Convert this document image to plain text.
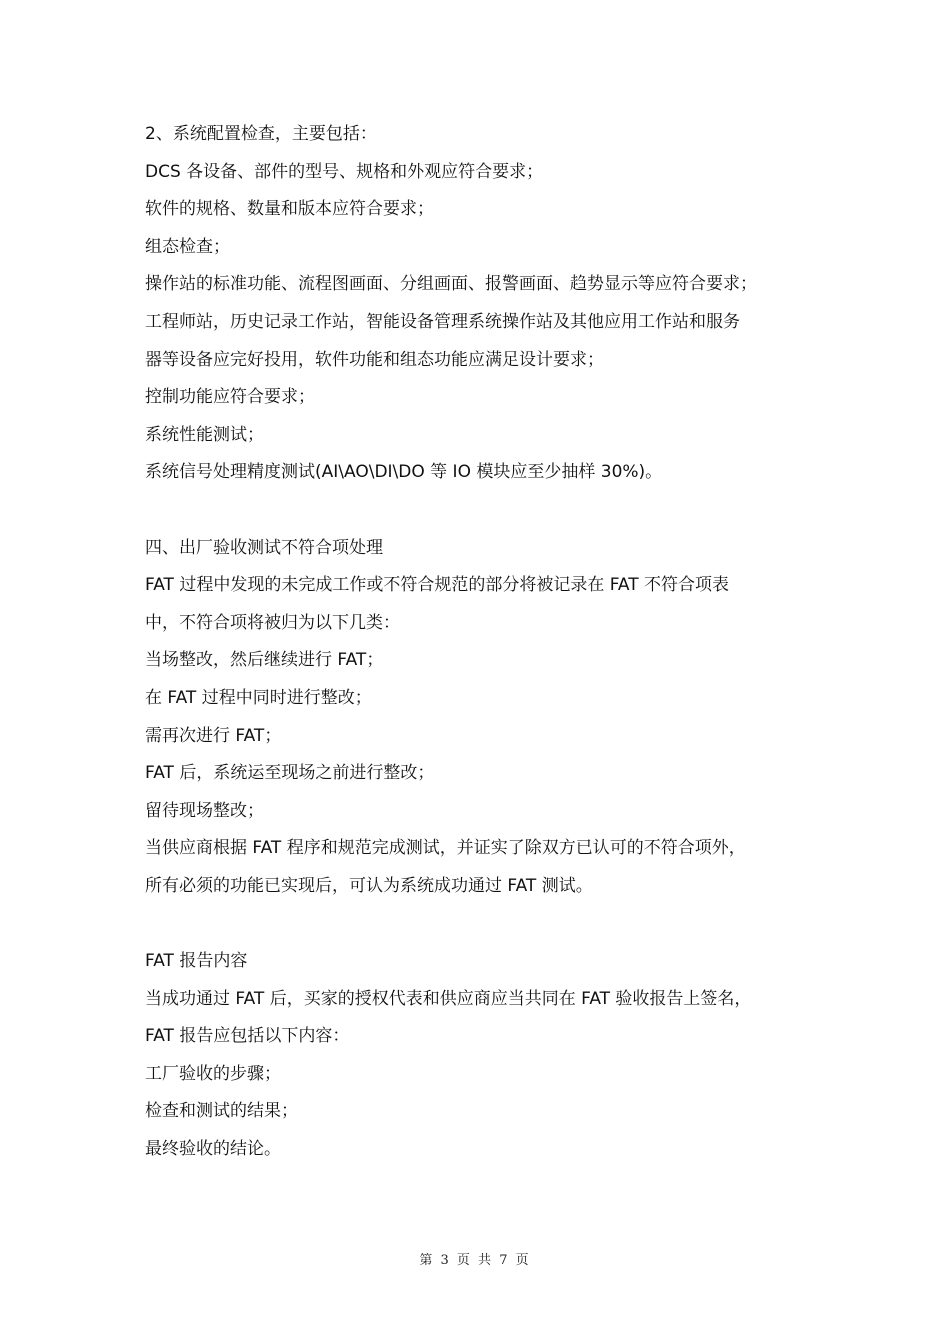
2、系统配置检查，主要包括：
DCS 各设备、部件的型号、规格和外观应符合要求；
软件的规格、数量和版本应符合要求；
组态检查；
操作站的标准功能、流程图画面、分组画面、报警画面、趋势显示等应符合要求；
工程师站，历史记录工作站，智能设备管理系统操作站及其他应用工作站和服务
器等设备应完好投用，软件功能和组态功能应满足设计要求；
控制功能应符合要求；
系统性能测试；
系统信号处理精度测试(AI\AO\DI\DO 等 IO 模块应至少抽样 30%)。
四、出厂验收测试不符合项处理
FAT 过程中发现的未完成工作或不符合规范的部分将被记录在 FAT 不符合项表
中，不符合项将被归为以下几类：
当场整改，然后继续进行 FAT；
在 FAT 过程中同时进行整改；
需再次进行 FAT；
FAT 后，系统运至现场之前进行整改；
留待现场整改；
当供应商根据 FAT 程序和规范完成测试，并证实了除双方已认可的不符合项外，
所有必须的功能已实现后，可认为系统成功通过 FAT 测试。
FAT 报告内容
当成功通过 FAT 后，买家的授权代表和供应商应当共同在 FAT 验收报告上签名，
FAT 报告应包括以下内容：
工厂验收的步骤；
检查和测试的结果；
最终验收的结论。
第 3 页 共 7 页
